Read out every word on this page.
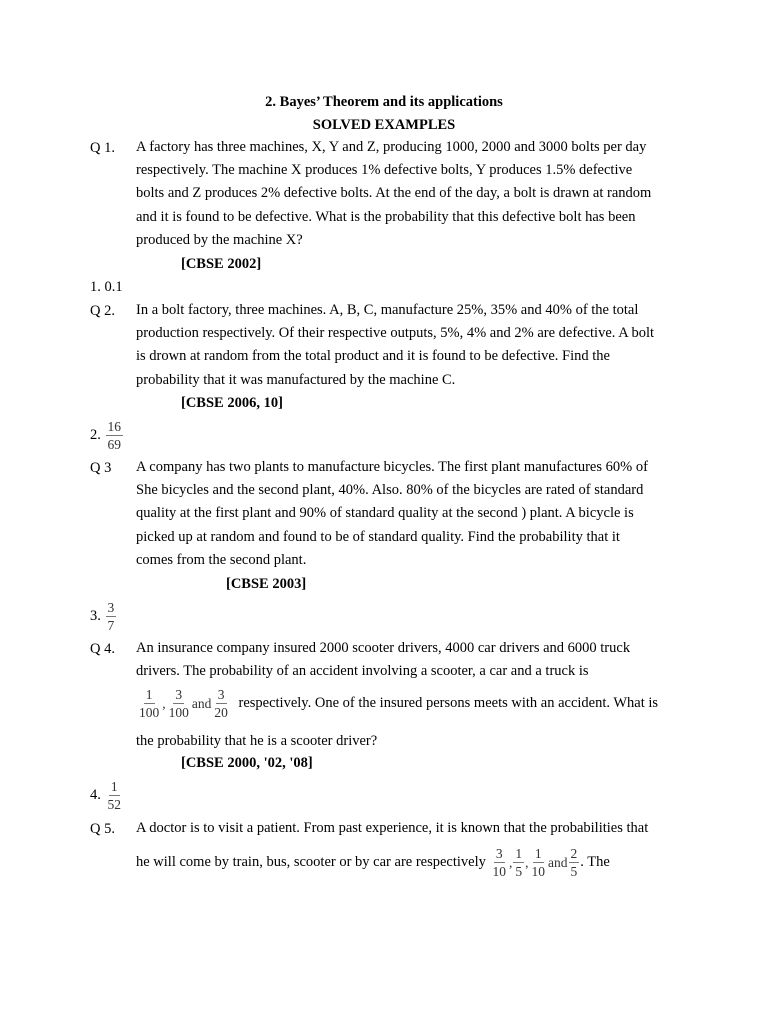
2. Bayes’ Theorem and its applications
SOLVED EXAMPLES
Q 1. A factory has three machines, X, Y and Z, producing 1000, 2000 and 3000 bolts per day

respectively. The machine X produces 1% defective bolts, Y produces 1.5% defective

bolts and Z produces 2% defective bolts. At the end of the day, a bolt is drawn at random

and it is found to be defective. What is the probability that this defective bolt has been

produced by the machine X?

[CBSE 2002]
1. 0.1
Q 2. In a bolt factory, three machines. A, B, C, manufacture 25%, 35% and 40% of the total

production respectively. Of their respective outputs, 5%, 4% and 2% are defective. A bolt

is drown at random from the total product and it is found to be defective. Find the

probability that it was manufactured by the machine C.

[CBSE 2006, 10]
2. $\frac{16}{69}$
Q 3 A company has two plants to manufacture bicycles. The first plant manufactures 60% of

She bicycles and the second plant, 40%. Also. 80% of the bicycles are rated of standard

quality at the first plant and 90% of standard quality at the second ) plant. A bicycle is

picked up at random and found to be of standard quality. Find the probability that it

comes from the second plant.

[CBSE 2003]
3. $\frac{3}{7}$
Q 4. An insurance company insured 2000 scooter drivers, 4000 car drivers and 6000 truck

drivers. The probability of an accident involving a scooter, a car and a truck is

$\frac{1}{100}$ , $\frac{3}{100}$ and $\frac{3}{20}$ respectively. One of the insured persons meets with an accident. What is

the probability that he is a scooter driver?

[CBSE 2000, '02, '08]
4. $\frac{1}{52}$
Q 5. A doctor is to visit a patient. From past experience, it is known that the probabilities that

he will come by train, bus, scooter or by car are respectively $\frac{3}{10}$ , $\frac{1}{5}$ , $\frac{1}{10}$ and $\frac{2}{5}$ . The
